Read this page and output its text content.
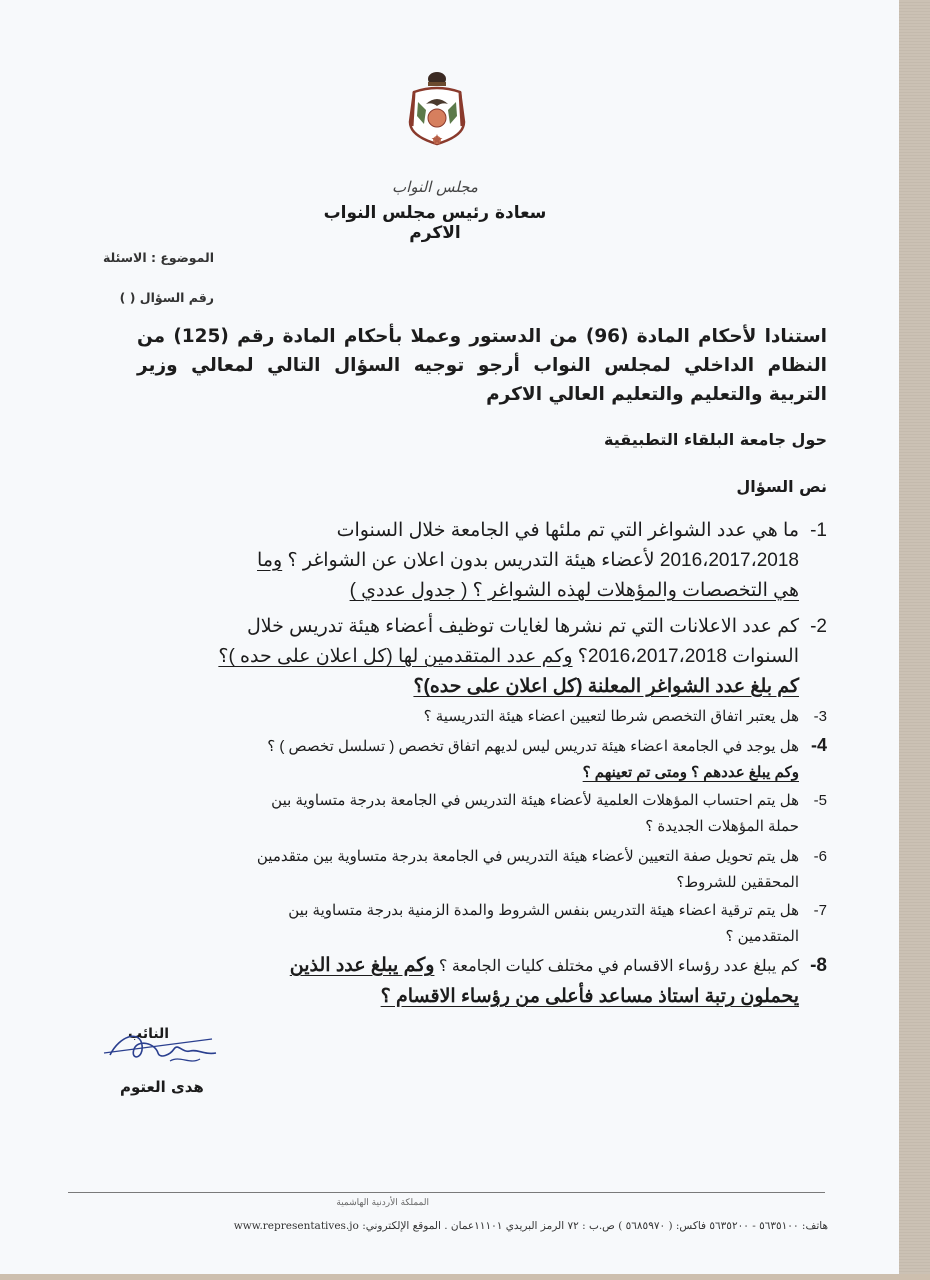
مجلس النواب
سعادة رئيس مجلس النواب الاكرم
الموضوع : الاسئلة
رقم السؤال ( )
استنادا لأحكام المادة (96) من الدستور وعملا بأحكام المادة رقم (125) من النظام الداخلي لمجلس النواب أرجو توجيه السؤال التالي لمعالي وزير التربية والتعليم والتعليم العالي الاكرم
حول جامعة البلقاء التطبيقية
نص السؤال
1-ما هي عدد الشواغر التي تم ملئها في الجامعة خلال السنوات
2016،2017،2018 لأعضاء هيئة التدريس بدون اعلان عن الشواغر ؟ وما
هي التخصصات والمؤهلات لهذه الشواغر ؟ ( جدول عددي )
2-كم عدد الاعلانات التي تم نشرها لغايات توظيف أعضاء هيئة تدريس خلال
السنوات 2016،2017،2018؟ وكم عدد المتقدمين لها (كل اعلان على حده )؟
كم بلغ عدد الشواغر المعلنة (كل اعلان على حده)؟
3-هل يعتبر اتفاق التخصص شرطا لتعيين اعضاء هيئة التدريسية ؟
4-هل يوجد في الجامعة اعضاء هيئة تدريس ليس لديهم اتفاق تخصص ( تسلسل تخصص ) ؟
وكم يبلغ عددهم ؟ ومتى تم تعينهم ؟
5-هل يتم احتساب المؤهلات العلمية لأعضاء هيئة التدريس في الجامعة بدرجة متساوية بين
حملة المؤهلات الجديدة ؟
6-هل يتم تحويل صفة التعيين لأعضاء هيئة التدريس في الجامعة بدرجة متساوية بين متقدمين
المحققين للشروط؟
7-هل يتم ترقية اعضاء هيئة التدريس بنفس الشروط والمدة الزمنية بدرجة متساوية بين
المتقدمين ؟
8-كم يبلغ عدد رؤساء الاقسام في مختلف كليات الجامعة ؟ وكم يبلغ عدد الذين
يحملون رتبة استاذ مساعد فأعلى من رؤساء الاقسام ؟
النائب
هدى العتوم
المملكة الأردنية الهاشمية
هاتف: ٥٦٣٥١٠٠ - ٥٦٣٥٢٠٠ فاكس: ( ٥٦٨٥٩٧٠ ) ص.ب : ٧٢ الرمز البريدي ١١١٠١عمان . الموقع الإلكتروني: www.representatives.jo
